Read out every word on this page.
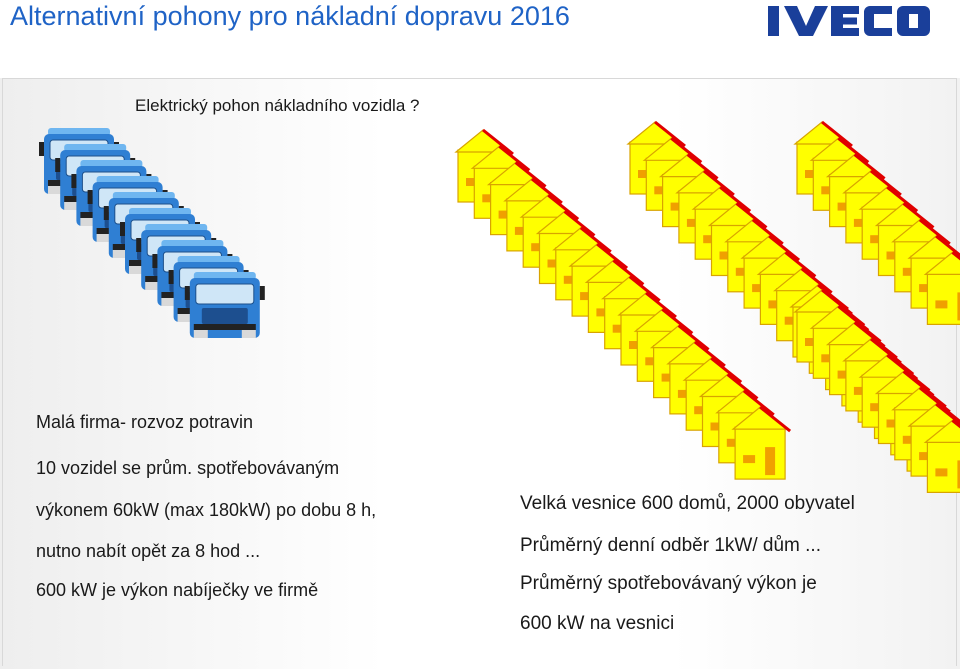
Alternativní pohony pro nákladní dopravu 2016
Elektrický pohon nákladního vozidla ?
Malá firma- rozvoz potravin
10 vozidel se prům. spotřebovávaným
výkonem 60kW (max 180kW) po dobu 8 h,
nutno nabít opět za 8 hod ...
600 kW je výkon nabíječky ve firmě
Velká vesnice 600 domů, 2000 obyvatel
Průměrný denní odběr 1kW/ dům ...
Průměrný spotřebovávaný výkon je
600 kW na vesnici
